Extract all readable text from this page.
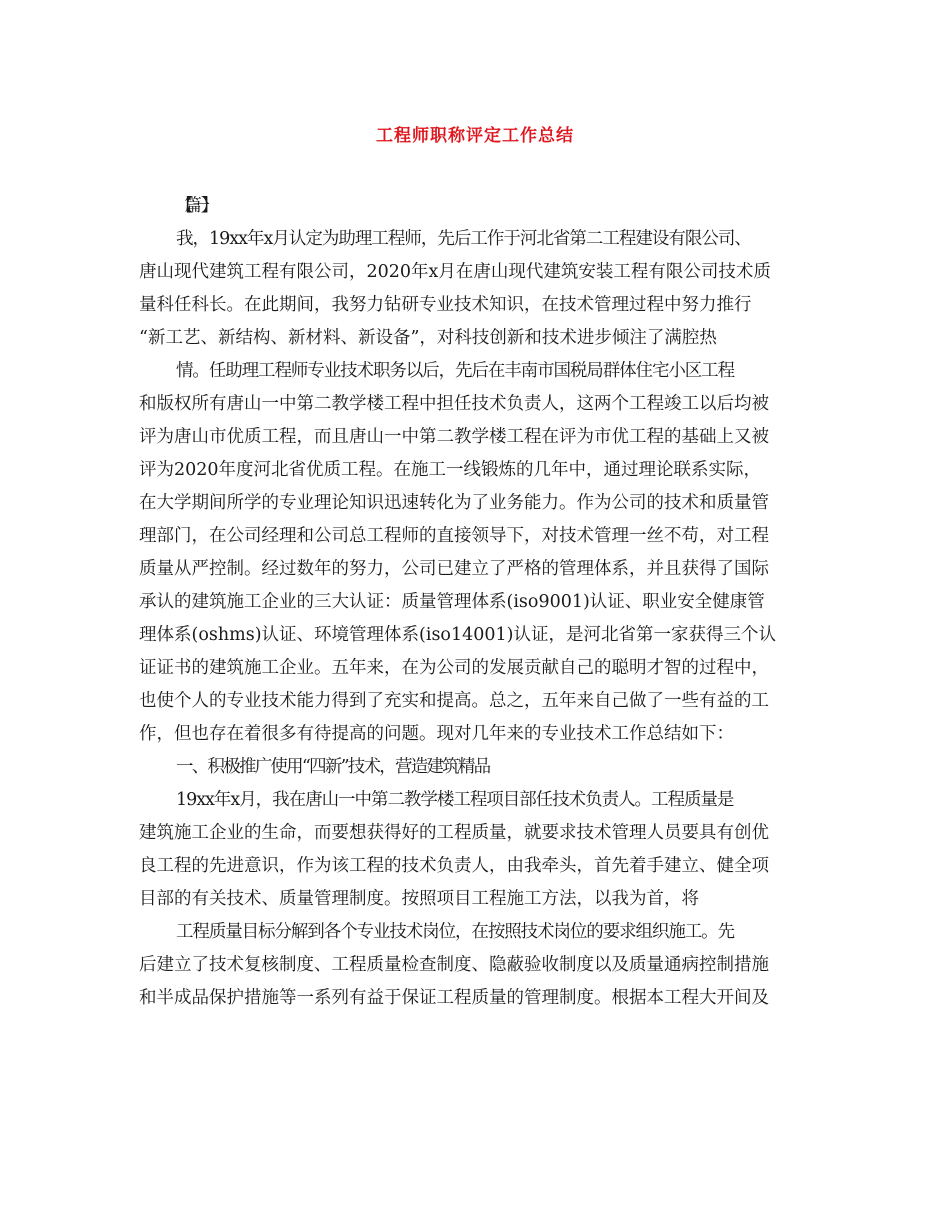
工程师职称评定工作总结

【篇一】

我，19xx年x月认定为助理工程师，先后工作于河北省第二工程建设有限公司、

唐山现代建筑工程有限公司，2020年x月在唐山现代建筑安装工程有限公司技术质

量科任科长。在此期间，我努力钻研专业技术知识，在技术管理过程中努力推行

“新工艺、新结构、新材料、新设备”，对科技创新和技术进步倾注了满腔热

情。任助理工程师专业技术职务以后，先后在丰南市国税局群体住宅小区工程

和版权所有唐山一中第二教学楼工程中担任技术负责人，这两个工程竣工以后均被

评为唐山市优质工程，而且唐山一中第二教学楼工程在评为市优工程的基础上又被

评为2020年度河北省优质工程。在施工一线锻炼的几年中，通过理论联系实际，

在大学期间所学的专业理论知识迅速转化为了业务能力。作为公司的技术和质量管

理部门，在公司经理和公司总工程师的直接领导下，对技术管理一丝不苟，对工程

质量从严控制。经过数年的努力，公司已建立了严格的管理体系，并且获得了国际

承认的建筑施工企业的三大认证：质量管理体系(iso9001)认证、职业安全健康管

理体系(oshms)认证、环境管理体系(iso14001)认证，是河北省第一家获得三个认

证证书的建筑施工企业。五年来，在为公司的发展贡献自己的聪明才智的过程中，

也使个人的专业技术能力得到了充实和提高。总之，五年来自己做了一些有益的工

作，但也存在着很多有待提高的问题。现对几年来的专业技术工作总结如下：

一、积极推广使用“四新”技术，营造建筑精品

19xx年x月，我在唐山一中第二教学楼工程项目部任技术负责人。工程质量是

建筑施工企业的生命，而要想获得好的工程质量，就要求技术管理人员要具有创优

良工程的先进意识，作为该工程的技术负责人，由我牵头，首先着手建立、健全项

目部的有关技术、质量管理制度。按照项目工程施工方法，以我为首，将

工程质量目标分解到各个专业技术岗位，在按照技术岗位的要求组织施工。先

后建立了技术复核制度、工程质量检查制度、隐蔽验收制度以及质量通病控制措施

和半成品保护措施等一系列有益于保证工程质量的管理制度。根据本工程大开间及
